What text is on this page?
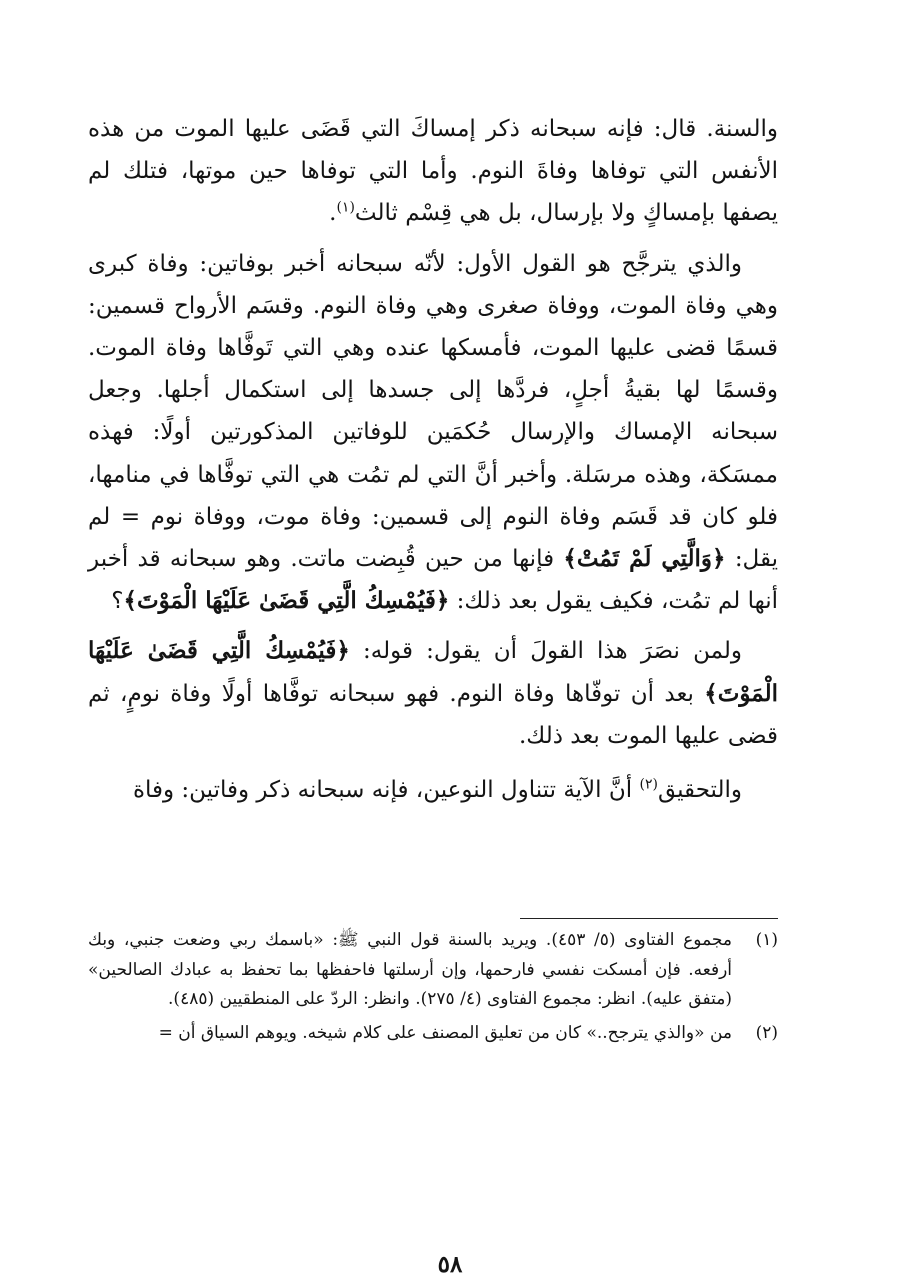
والسنة. قال: فإنه سبحانه ذكر إمساكَ التي قَضَى عليها الموت من هذه الأنفس التي توفاها وفاةَ النوم. وأما التي توفاها حين موتها، فتلك لم يصفها بإمساكٍ ولا بإرسال، بل هي قِسْم ثالث$^{(١)}$.

والذي يترجَّح هو القول الأول: لأنّه سبحانه أخبر بوفاتين: وفاة كبرى وهي وفاة الموت، ووفاة صغرى وهي وفاة النوم. وقسَم الأرواح قسمين: قسمًا قضى عليها الموت، فأمسكها عنده وهي التي تَوفَّاها وفاة الموت. وقسمًا لها بقيةُ أجلٍ، فردَّها إلى جسدها إلى استكمال أجلها. وجعل سبحانه الإمساك والإرسال حُكمَين للوفاتين المذكورتين أولًا: فهذه ممسَكة، وهذه مرسَلة. وأخبر أنَّ التي لم تمُت هي التي توفَّاها في منامها، فلو كان قد قَسَم وفاة النوم إلى قسمين: وفاة موت، ووفاة نوم = لم يقل: ﴿وَالَّتِي لَمْ تَمُتْ﴾ فإنها من حين قُبِضت ماتت. وهو سبحانه قد أخبر أنها لم تمُت، فكيف يقول بعد ذلك: ﴿فَيُمْسِكُ الَّتِي قَضَىٰ عَلَيْهَا الْمَوْتَ﴾؟

ولمن نصَرَ هذا القولَ أن يقول: قوله: ﴿فَيُمْسِكُ الَّتِي قَضَىٰ عَلَيْهَا الْمَوْتَ﴾ بعد أن توفّاها وفاة النوم. فهو سبحانه توفَّاها أولًا وفاة نومٍ، ثم قضى عليها الموت بعد ذلك.

والتحقيق$^{(٢)}$ أنَّ الآية تتناول النوعين، فإنه سبحانه ذكر وفاتين: وفاة

(١)
مجموع الفتاوى (٥/ ٤٥٣). ويريد بالسنة قول النبي ﷺ: «باسمك ربي وضعت جنبي، وبك أرفعه. فإن أمسكت نفسي فارحمها، وإن أرسلتها فاحفظها بما تحفظ به عبادك الصالحين» (متفق عليه). انظر: مجموع الفتاوى (٤/ ٢٧٥). وانظر: الردّ على المنطقيين (٤٨٥).

(٢)
من «والذي يترجح..» كان من تعليق المصنف على كلام شيخه. ويوهم السياق أن =

٥٨
